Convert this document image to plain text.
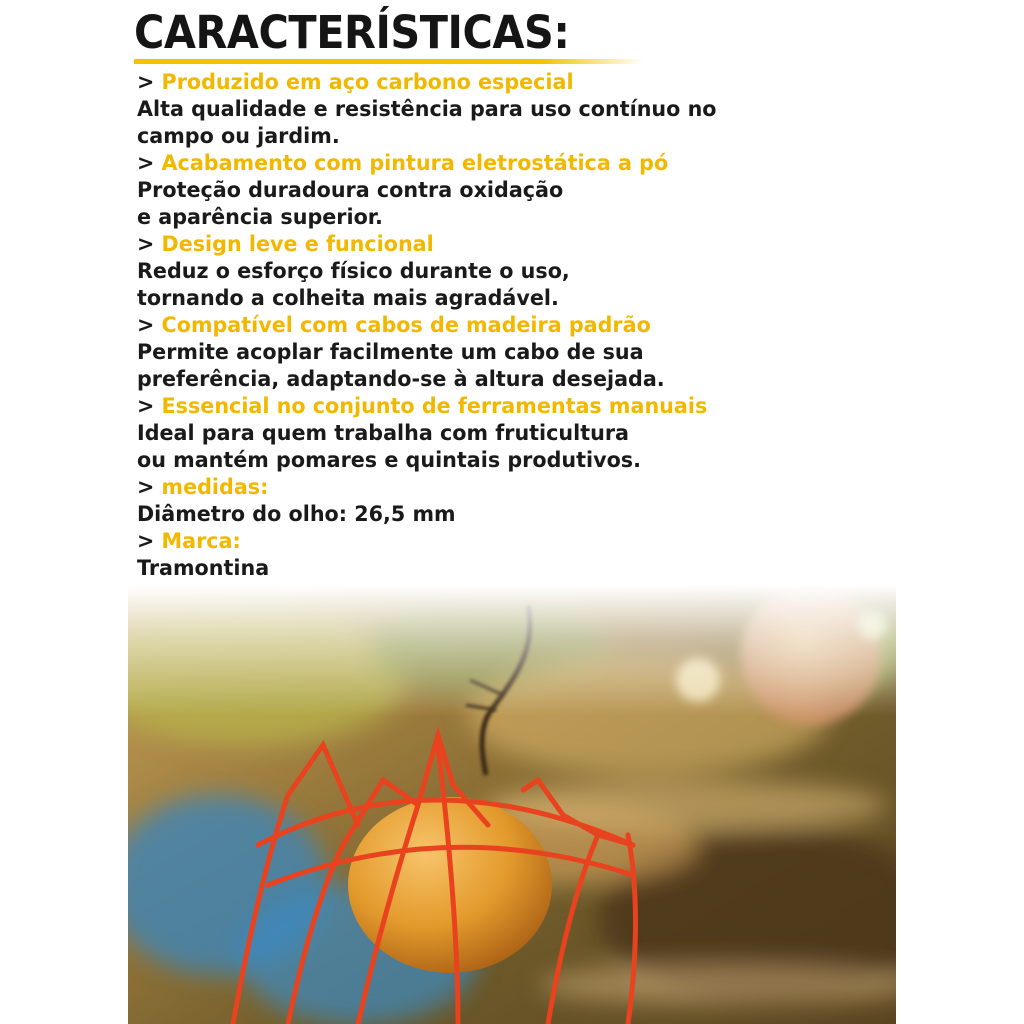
CARACTERÍSTICAS:
> Produzido em aço carbono especial
Alta qualidade e resistência para uso contínuo no
campo ou jardim.
> Acabamento com pintura eletrostática a pó
Proteção duradoura contra oxidação
e aparência superior.
> Design leve e funcional
Reduz o esforço físico durante o uso,
tornando a colheita mais agradável.
> Compatível com cabos de madeira padrão
Permite acoplar facilmente um cabo de sua
preferência, adaptando-se à altura desejada.
> Essencial no conjunto de ferramentas manuais
Ideal para quem trabalha com fruticultura
ou mantém pomares e quintais produtivos.
> medidas:
Diâmetro do olho: 26,5 mm
> Marca:
Tramontina
